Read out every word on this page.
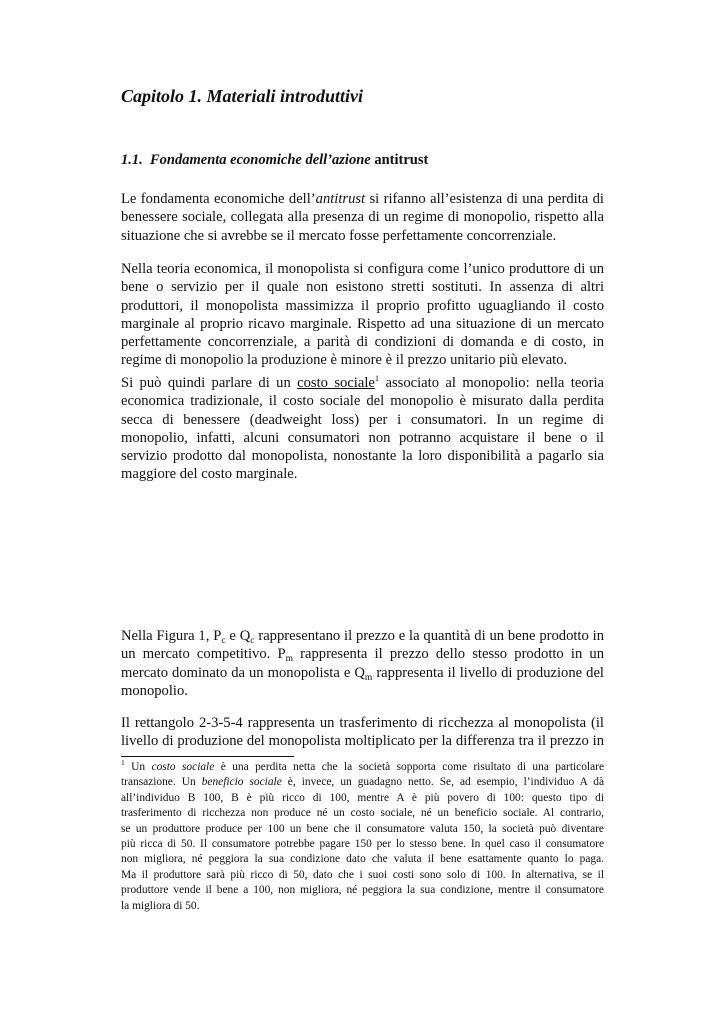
Capitolo 1. Materiali introduttivi
1.1. Fondamenta economiche dell’azione antitrust

Le fondamenta economiche dell’antitrust si rifanno all’esistenza di una perdita di
benessere sociale, collegata alla presenza di un regime di monopolio, rispetto alla
situazione che si avrebbe se il mercato fosse perfettamente concorrenziale.

Nella teoria economica, il monopolista si configura come l’unico produttore di un
bene o servizio per il quale non esistono stretti sostituti. In assenza di altri
produttori, il monopolista massimizza il proprio profitto uguagliando il costo
marginale al proprio ricavo marginale. Rispetto ad una situazione di un mercato
perfettamente concorrenziale, a parità di condizioni di domanda e di costo, in
regime di monopolio la produzione è minore è il prezzo unitario più elevato.

Si può quindi parlare di un costo sociale$^1$ associato al monopolio: nella teoria
economica tradizionale, il costo sociale del monopolio è misurato dalla perdita
secca di benessere (deadweight loss) per i consumatori. In un regime di
monopolio, infatti, alcuni consumatori non potranno acquistare il bene o il
servizio prodotto dal monopolista, nonostante la loro disponibilità a pagarlo sia
maggiore del costo marginale.

Nella Figura 1, $P_c$ e $Q_c$ rappresentano il prezzo e la quantità di un bene prodotto in
un mercato competitivo. $P_m$ rappresenta il prezzo dello stesso prodotto in un
mercato dominato da un monopolista e $Q_m$ rappresenta il livello di produzione del
monopolio.

Il rettangolo 2-3-5-4 rappresenta un trasferimento di ricchezza al monopolista (il
livello di produzione del monopolista moltiplicato per la differenza tra il prezzo in

$^1$ Un costo sociale è una perdita netta che la società sopporta come risultato di una particolare
transazione. Un beneficio sociale è, invece, un guadagno netto. Se, ad esempio, l’individuo A dà
all’individuo B 100, B è più ricco di 100, mentre A è più povero di 100: questo tipo di
trasferimento di ricchezza non produce né un costo sociale, né un beneficio sociale. Al contrario,
se un produttore produce per 100 un bene che il consumatore valuta 150, la società può diventare
più ricca di 50. Il consumatore potrebbe pagare 150 per lo stesso bene. In quel caso il consumatore
non migliora, né peggiora la sua condizione dato che valuta il bene esattamente quanto lo paga.
Ma il produttore sarà più ricco di 50, dato che i suoi costi sono solo di 100. In alternativa, se il
produttore vende il bene a 100, non migliora, né peggiora la sua condizione, mentre il consumatore
la migliora di 50.
